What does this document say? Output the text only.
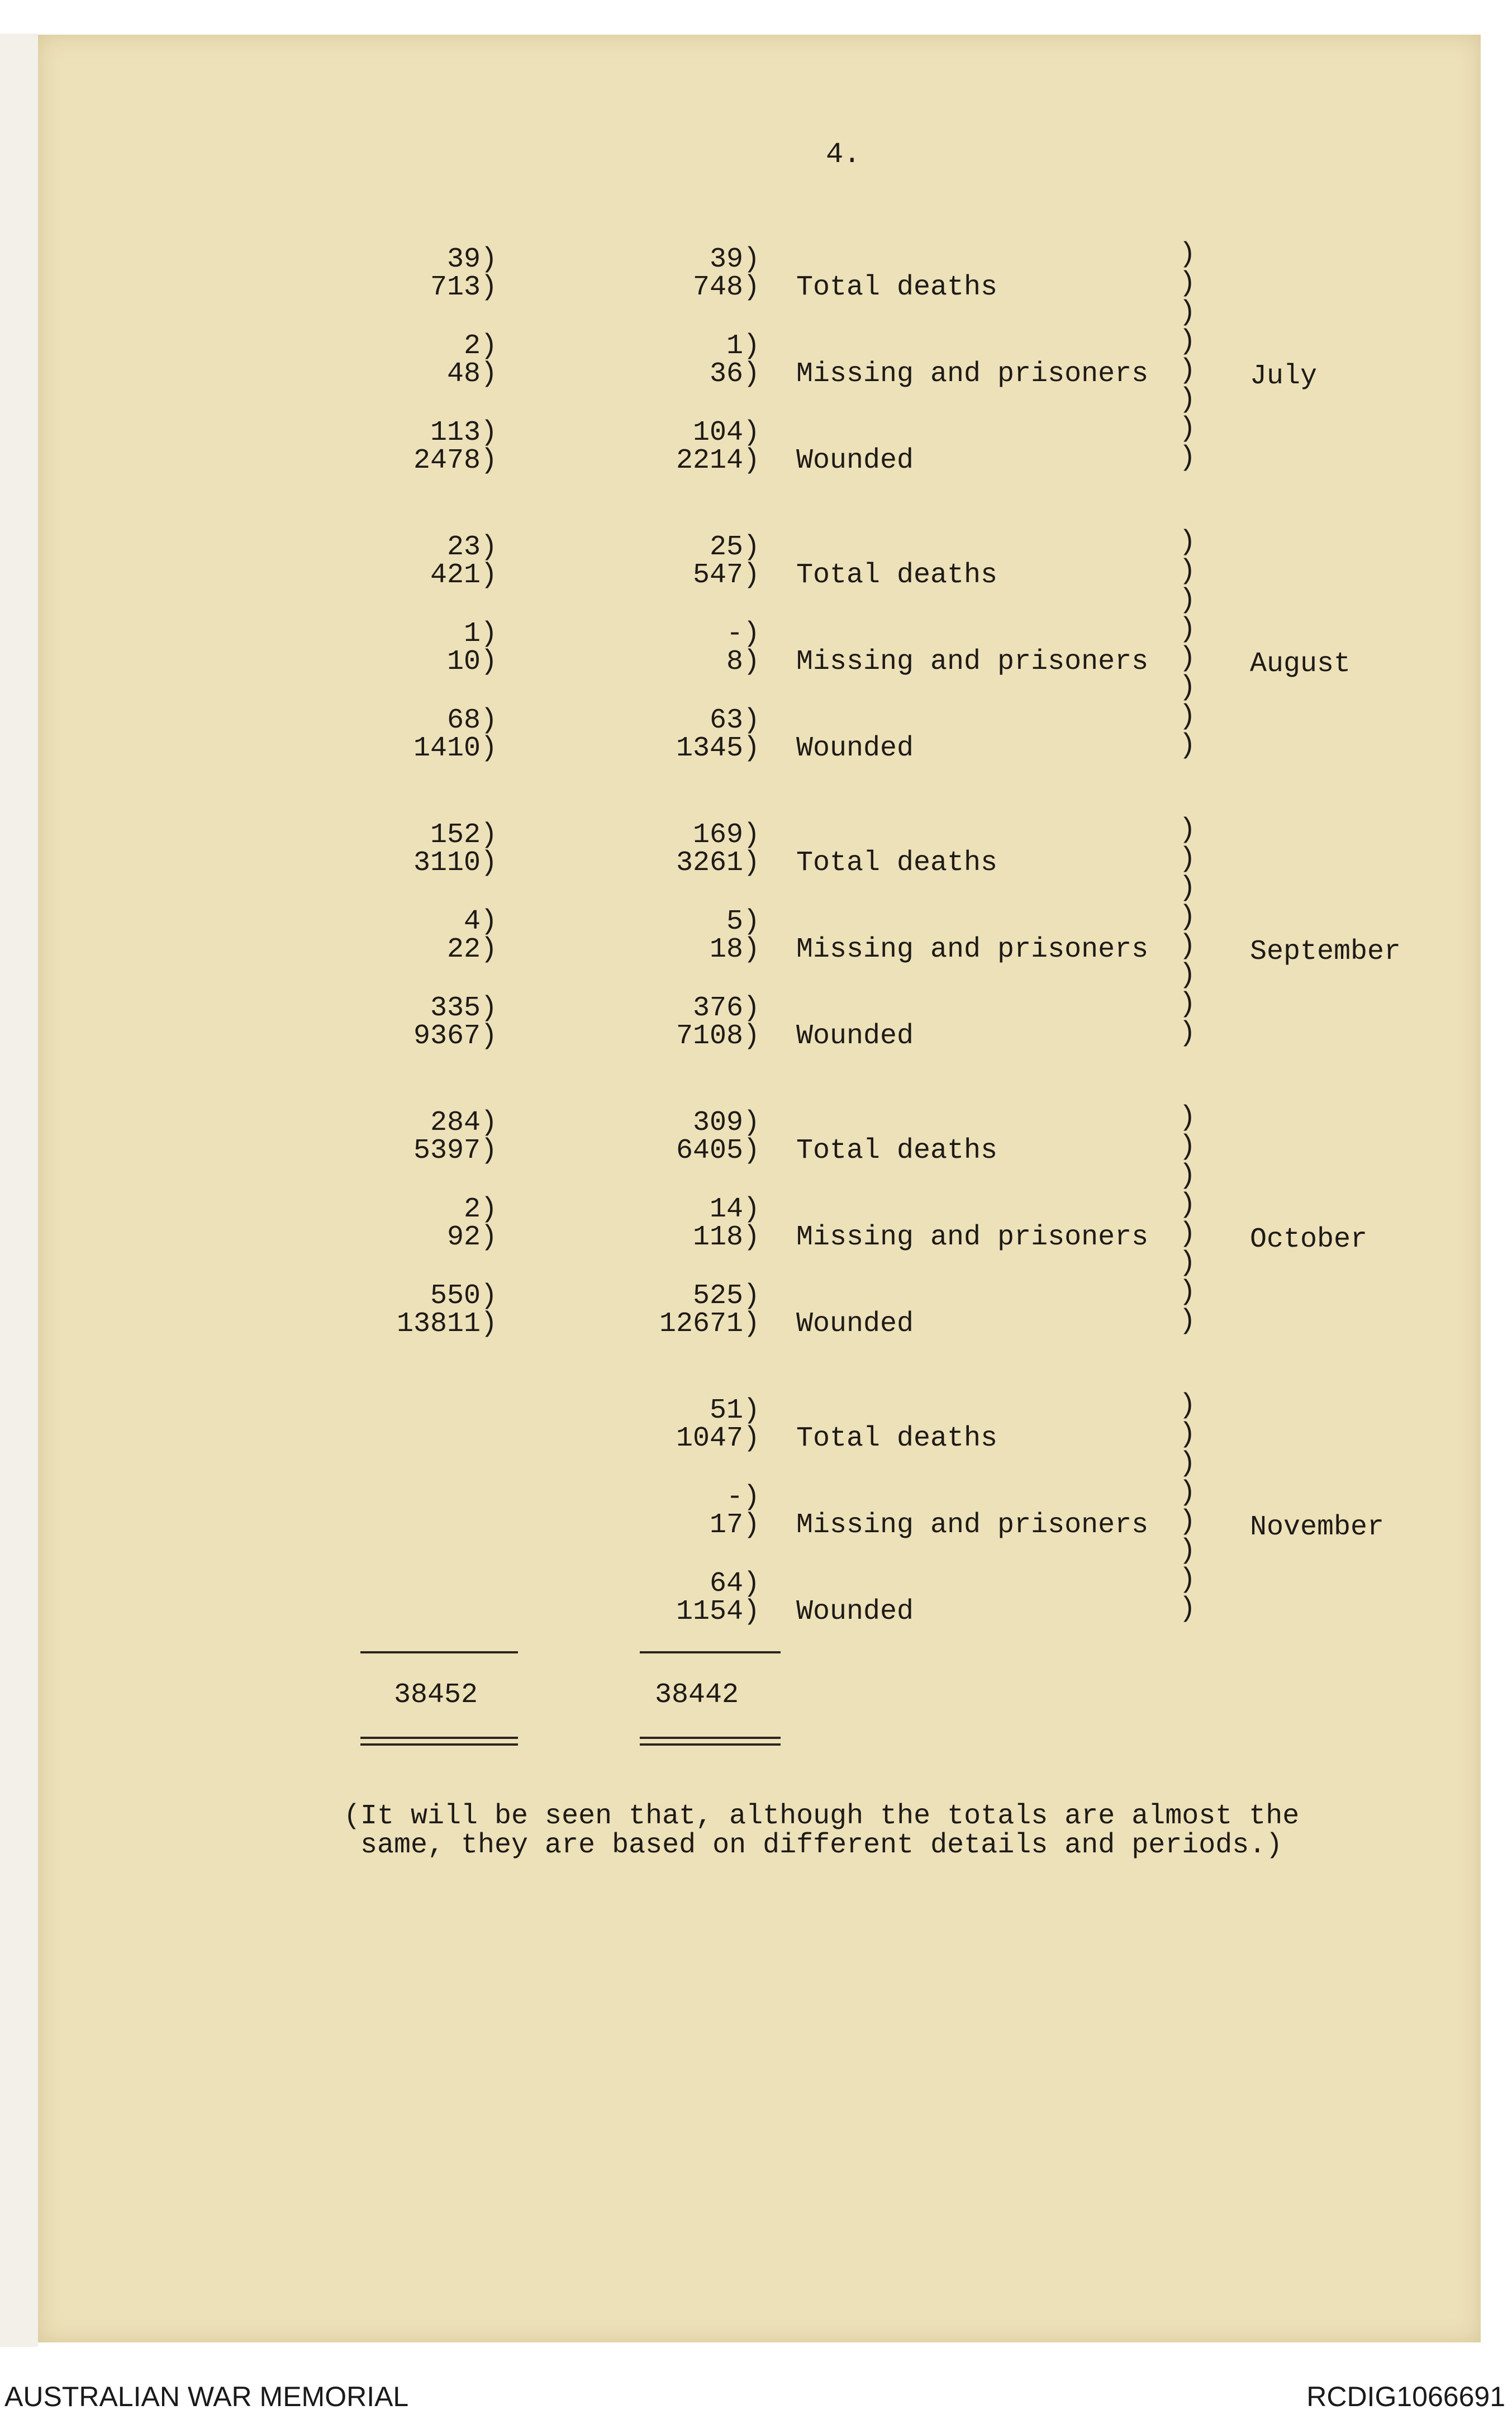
4.
39)
713)
39)
748) Total deaths
2)
48)
1)
36) Missing and prisoners
113)
2478)
104)
2214) Wounded
)
)
)
)
)
)
)
)
July
23)
421)
25)
547) Total deaths
1)
10)
-)
8) Missing and prisoners
68)
1410)
63)
1345) Wounded
)
)
)
)
)
)
)
)
August
152)
3110)
169)
3261) Total deaths
4)
22)
5)
18) Missing and prisoners
335)
9367)
376)
7108) Wounded
)
)
)
)
)
)
)
)
September
284)
5397)
309)
6405) Total deaths
2)
92)
14)
118) Missing and prisoners
550)
13811)
525)
12671) Wounded
)
)
)
)
)
)
)
)
October
51)
1047) Total deaths
-)
17) Missing and prisoners
64)
1154) Wounded
)
)
)
)
)
)
)
)
November
38452	38442
(It will be seen that, although the totals are almost the
same, they are based on different details and periods.)
AUSTRALIAN WAR MEMORIAL	RCDIG1066691
